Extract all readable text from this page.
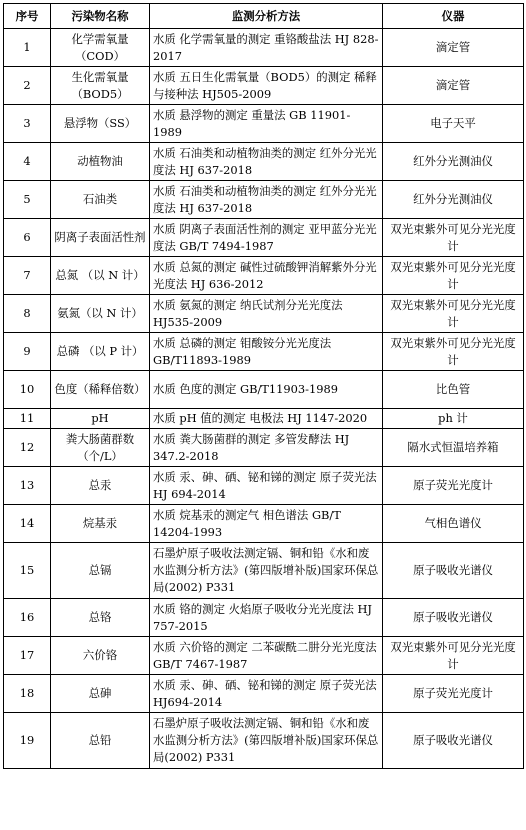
序号	污染物名称	监测分析方法	仪器
1	化学需氧量（COD）	水质 化学需氧量的测定 重铬酸盐法 HJ 828-2017	滴定管
2	生化需氧量（BOD5）	水质 五日生化需氧量（BOD5）的测定 稀释与接种法 HJ505-2009	滴定管
3	悬浮物（SS）	水质 悬浮物的测定 重量法 GB 11901-1989	电子天平
4	动植物油	水质 石油类和动植物油类的测定 红外分光光度法 HJ 637-2018	红外分光测油仪
5	石油类	水质 石油类和动植物油类的测定 红外分光光度法 HJ 637-2018	红外分光测油仪
6	阴离子表面活性剂	水质 阴离子表面活性剂的测定 亚甲蓝分光光度法 GB/T 7494-1987	双光束紫外可见分光光度计
7	总氮 （以 N 计）	水质 总氮的测定 碱性过硫酸钾消解紫外分光光度法 HJ 636-2012	双光束紫外可见分光光度计
8	氨氮（以 N 计）	水质 氨氮的测定 纳氏试剂分光光度法 HJ535-2009	双光束紫外可见分光光度计
9	总磷 （以 P 计）	水质 总磷的测定 钼酸铵分光光度法 GB/T11893-1989	双光束紫外可见分光光度计
10	色度（稀释倍数）	水质 色度的测定 GB/T11903-1989	比色管
11	pH	水质 pH 值的测定 电极法 HJ 1147-2020	ph 计
12	粪大肠菌群数（个/L）	水质 粪大肠菌群的测定 多管发酵法 HJ 347.2-2018	隔水式恒温培养箱
13	总汞	水质 汞、砷、硒、铋和锑的测定 原子荧光法 HJ 694-2014	原子荧光光度计
14	烷基汞	水质 烷基汞的测定气 相色谱法 GB/T 14204-1993	气相色谱仪
15	总镉	石墨炉原子吸收法测定镉、铜和铅《水和废水监测分析方法》(第四版增补版)国家环保总局(2002) P331	原子吸收光谱仪
16	总铬	水质 铬的测定 火焰原子吸收分光光度法 HJ 757-2015	原子吸收光谱仪
17	六价铬	水质 六价铬的测定 二苯碳酰二肼分光光度法 GB/T 7467-1987	双光束紫外可见分光光度计
18	总砷	水质 汞、砷、硒、铋和锑的测定 原子荧光法 HJ694-2014	原子荧光光度计
19	总铅	石墨炉原子吸收法测定镉、铜和铅《水和废水监测分析方法》(第四版增补版)国家环保总局(2002) P331	原子吸收光谱仪
